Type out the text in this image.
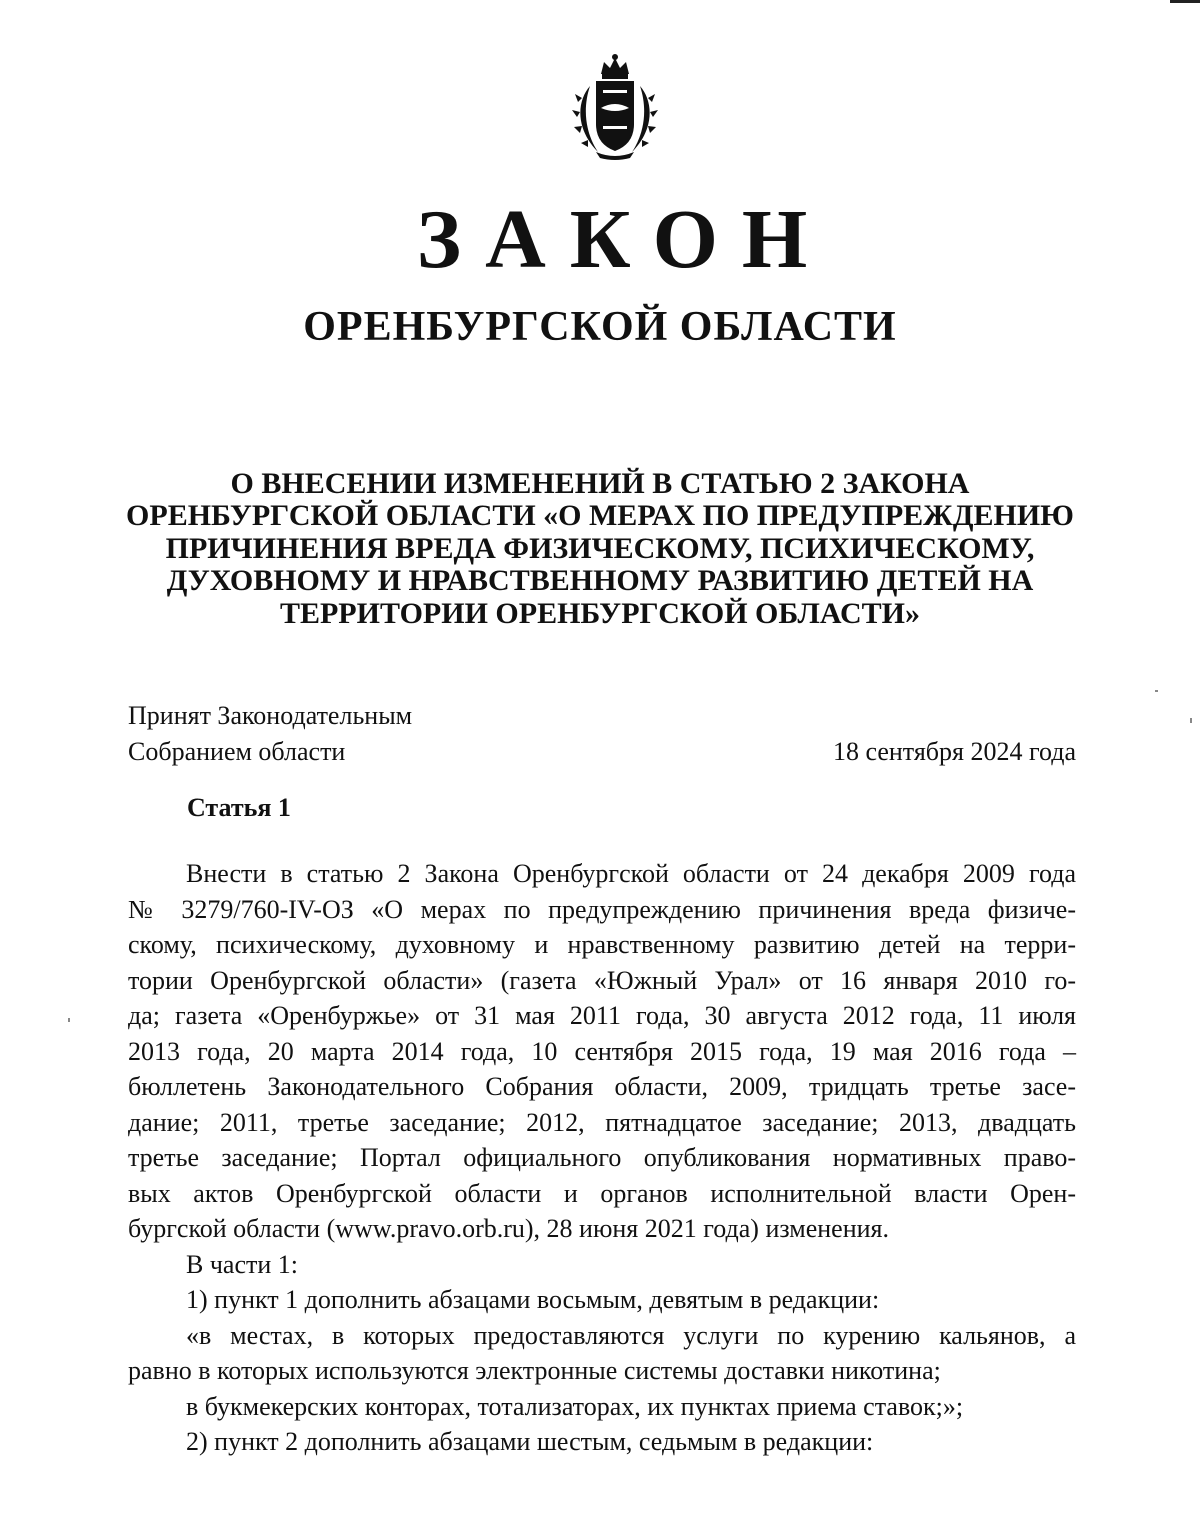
ЗАКОН
ОРЕНБУРГСКОЙ ОБЛАСТИ
О ВНЕСЕНИИ ИЗМЕНЕНИЙ В СТАТЬЮ 2 ЗАКОНА
ОРЕНБУРГСКОЙ ОБЛАСТИ «О МЕРАХ ПО ПРЕДУПРЕЖДЕНИЮ
ПРИЧИНЕНИЯ ВРЕДА ФИЗИЧЕСКОМУ, ПСИХИЧЕСКОМУ,
ДУХОВНОМУ И НРАВСТВЕННОМУ РАЗВИТИЮ ДЕТЕЙ НА
ТЕРРИТОРИИ ОРЕНБУРГСКОЙ ОБЛАСТИ»
Принят Законодательным
Собранием области	18 сентября 2024 года
Статья 1
Внести в статью 2 Закона Оренбургской области от 24 декабря 2009 года
№ 3279/760-IV-ОЗ «О мерах по предупреждению причинения вреда физиче-
скому, психическому, духовному и нравственному развитию детей на терри-
тории Оренбургской области» (газета «Южный Урал» от 16 января 2010 го-
да; газета «Оренбуржье» от 31 мая 2011 года, 30 августа 2012 года, 11 июля
2013 года, 20 марта 2014 года, 10 сентября 2015 года, 19 мая 2016 года –
бюллетень Законодательного Собрания области, 2009, тридцать третье засе-
дание; 2011, третье заседание; 2012, пятнадцатое заседание; 2013, двадцать
третье заседание; Портал официального опубликования нормативных право-
вых актов Оренбургской области и органов исполнительной власти Орен-
бургской области (www.pravo.orb.ru), 28 июня 2021 года) изменения.
В части 1:
1) пункт 1 дополнить абзацами восьмым, девятым в редакции:
«в местах, в которых предоставляются услуги по курению кальянов, а
равно в которых используются электронные системы доставки никотина;
в букмекерских конторах, тотализаторах, их пунктах приема ставок;»;
2) пункт 2 дополнить абзацами шестым, седьмым в редакции:
